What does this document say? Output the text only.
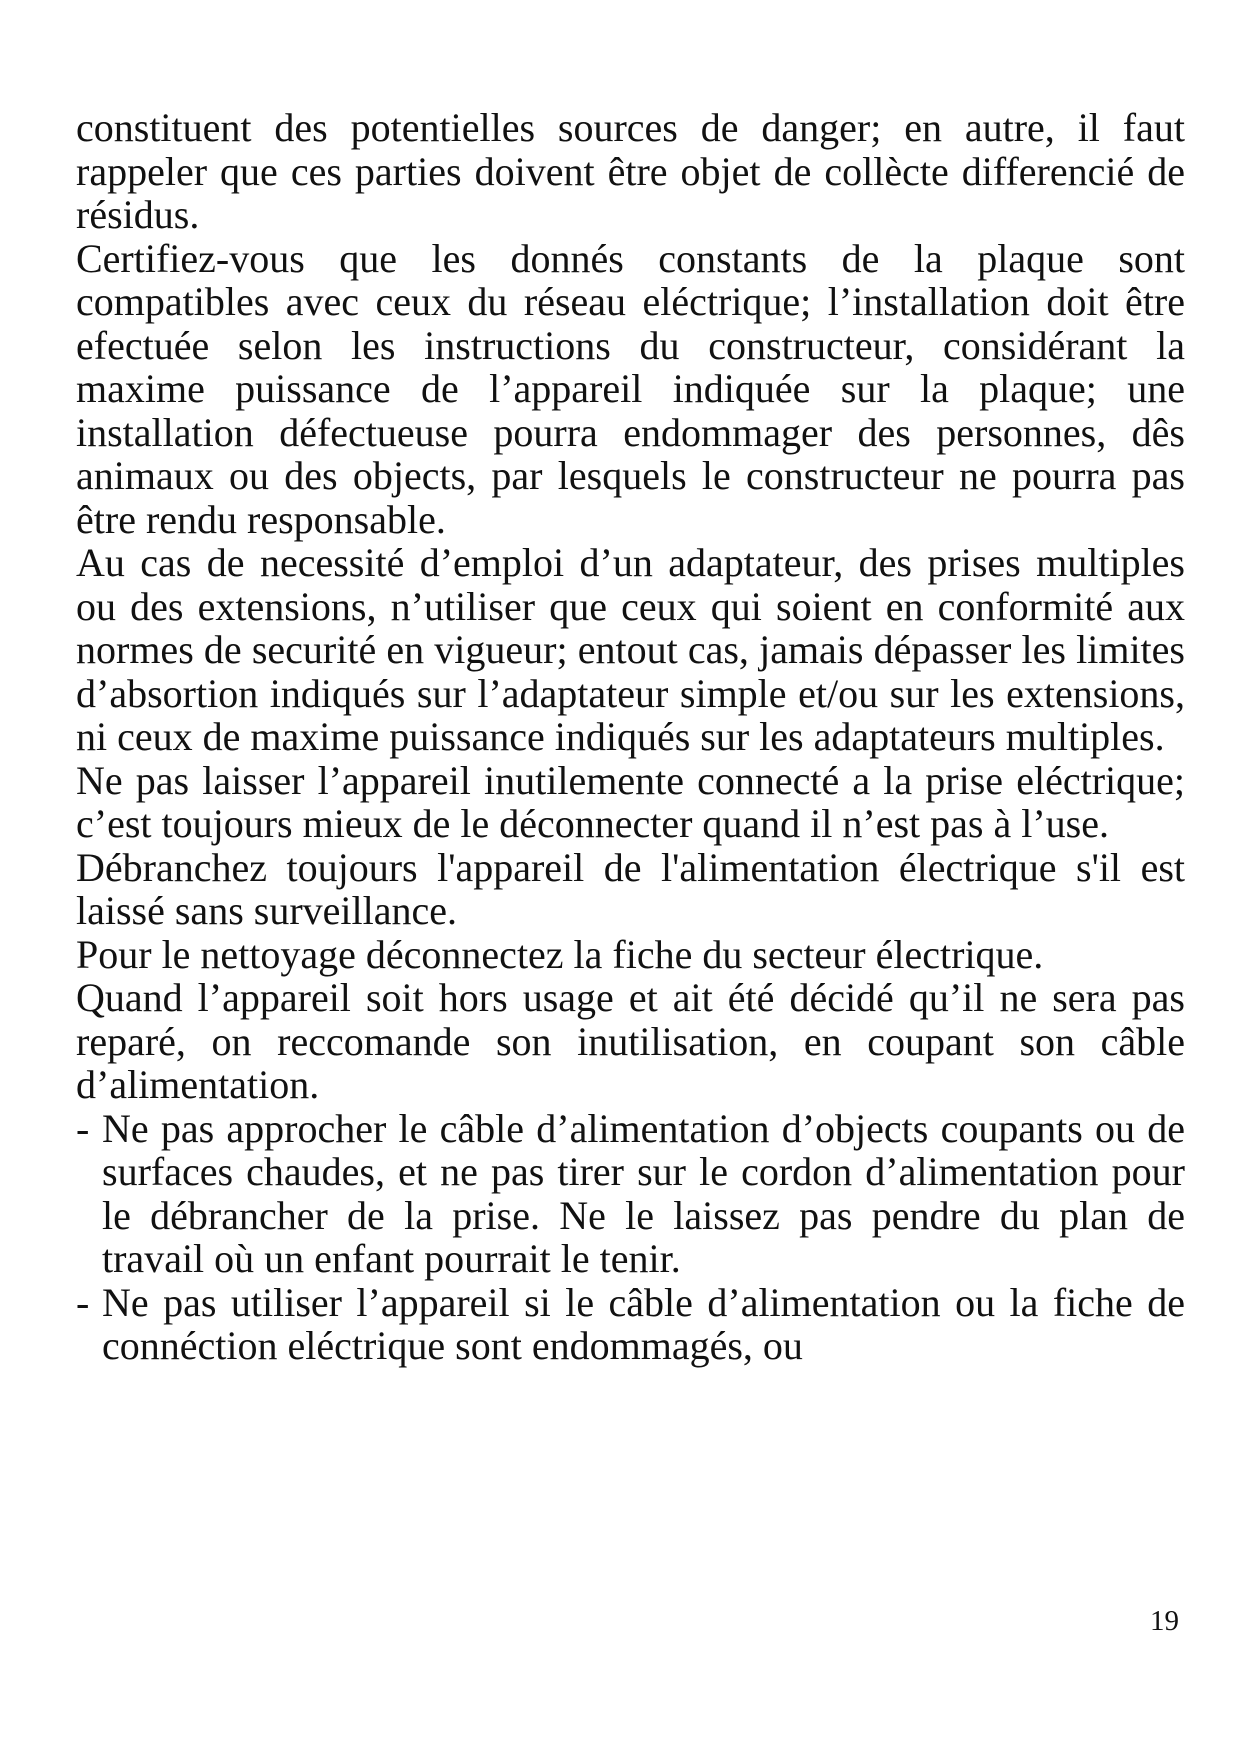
constituent des potentielles sources de danger; en autre, il faut rappeler que ces parties doivent être objet de collècte differencié de résidus.

Certifiez-vous que les donnés constants de la plaque sont compatibles avec ceux du réseau eléctrique; l’installation doit être efectuée selon les instructions du constructeur, considérant la maxime puissance de l’appareil indiquée sur la plaque; une installation défectueuse pourra endommager des personnes, dês animaux ou des objects, par lesquels le constructeur ne pourra pas être rendu responsable.

Au cas de necessité d’emploi d’un adaptateur, des prises multiples ou des extensions, n’utiliser que ceux qui soient en conformité aux normes de securité en vigueur; entout cas, jamais dépasser les limites d’absortion indiqués sur l’adaptateur simple et/ou sur les extensions, ni ceux de maxime puissance indiqués sur les adaptateurs multiples.

Ne pas laisser l’appareil inutilemente connecté a la prise eléctrique; c’est toujours mieux de le déconnecter quand il n’est pas à l’use.

Débranchez toujours l'appareil de l'alimentation électrique s'il est laissé sans surveillance.

Pour le nettoyage déconnectez la fiche du secteur électrique.

Quand l’appareil soit hors usage et ait été décidé qu’il ne sera pas reparé, on reccomande son inutilisation, en coupant son câble d’alimentation.

- Ne pas approcher le câble d’alimentation d’objects coupants ou de surfaces chaudes, et ne pas tirer sur le cordon d’alimentation pour le débrancher de la prise. Ne le laissez pas pendre du plan de travail où un enfant pourrait le tenir.
- Ne pas utiliser l’appareil si le câble d’alimentation ou la fiche de connéction eléctrique sont endommagés, ou
19
